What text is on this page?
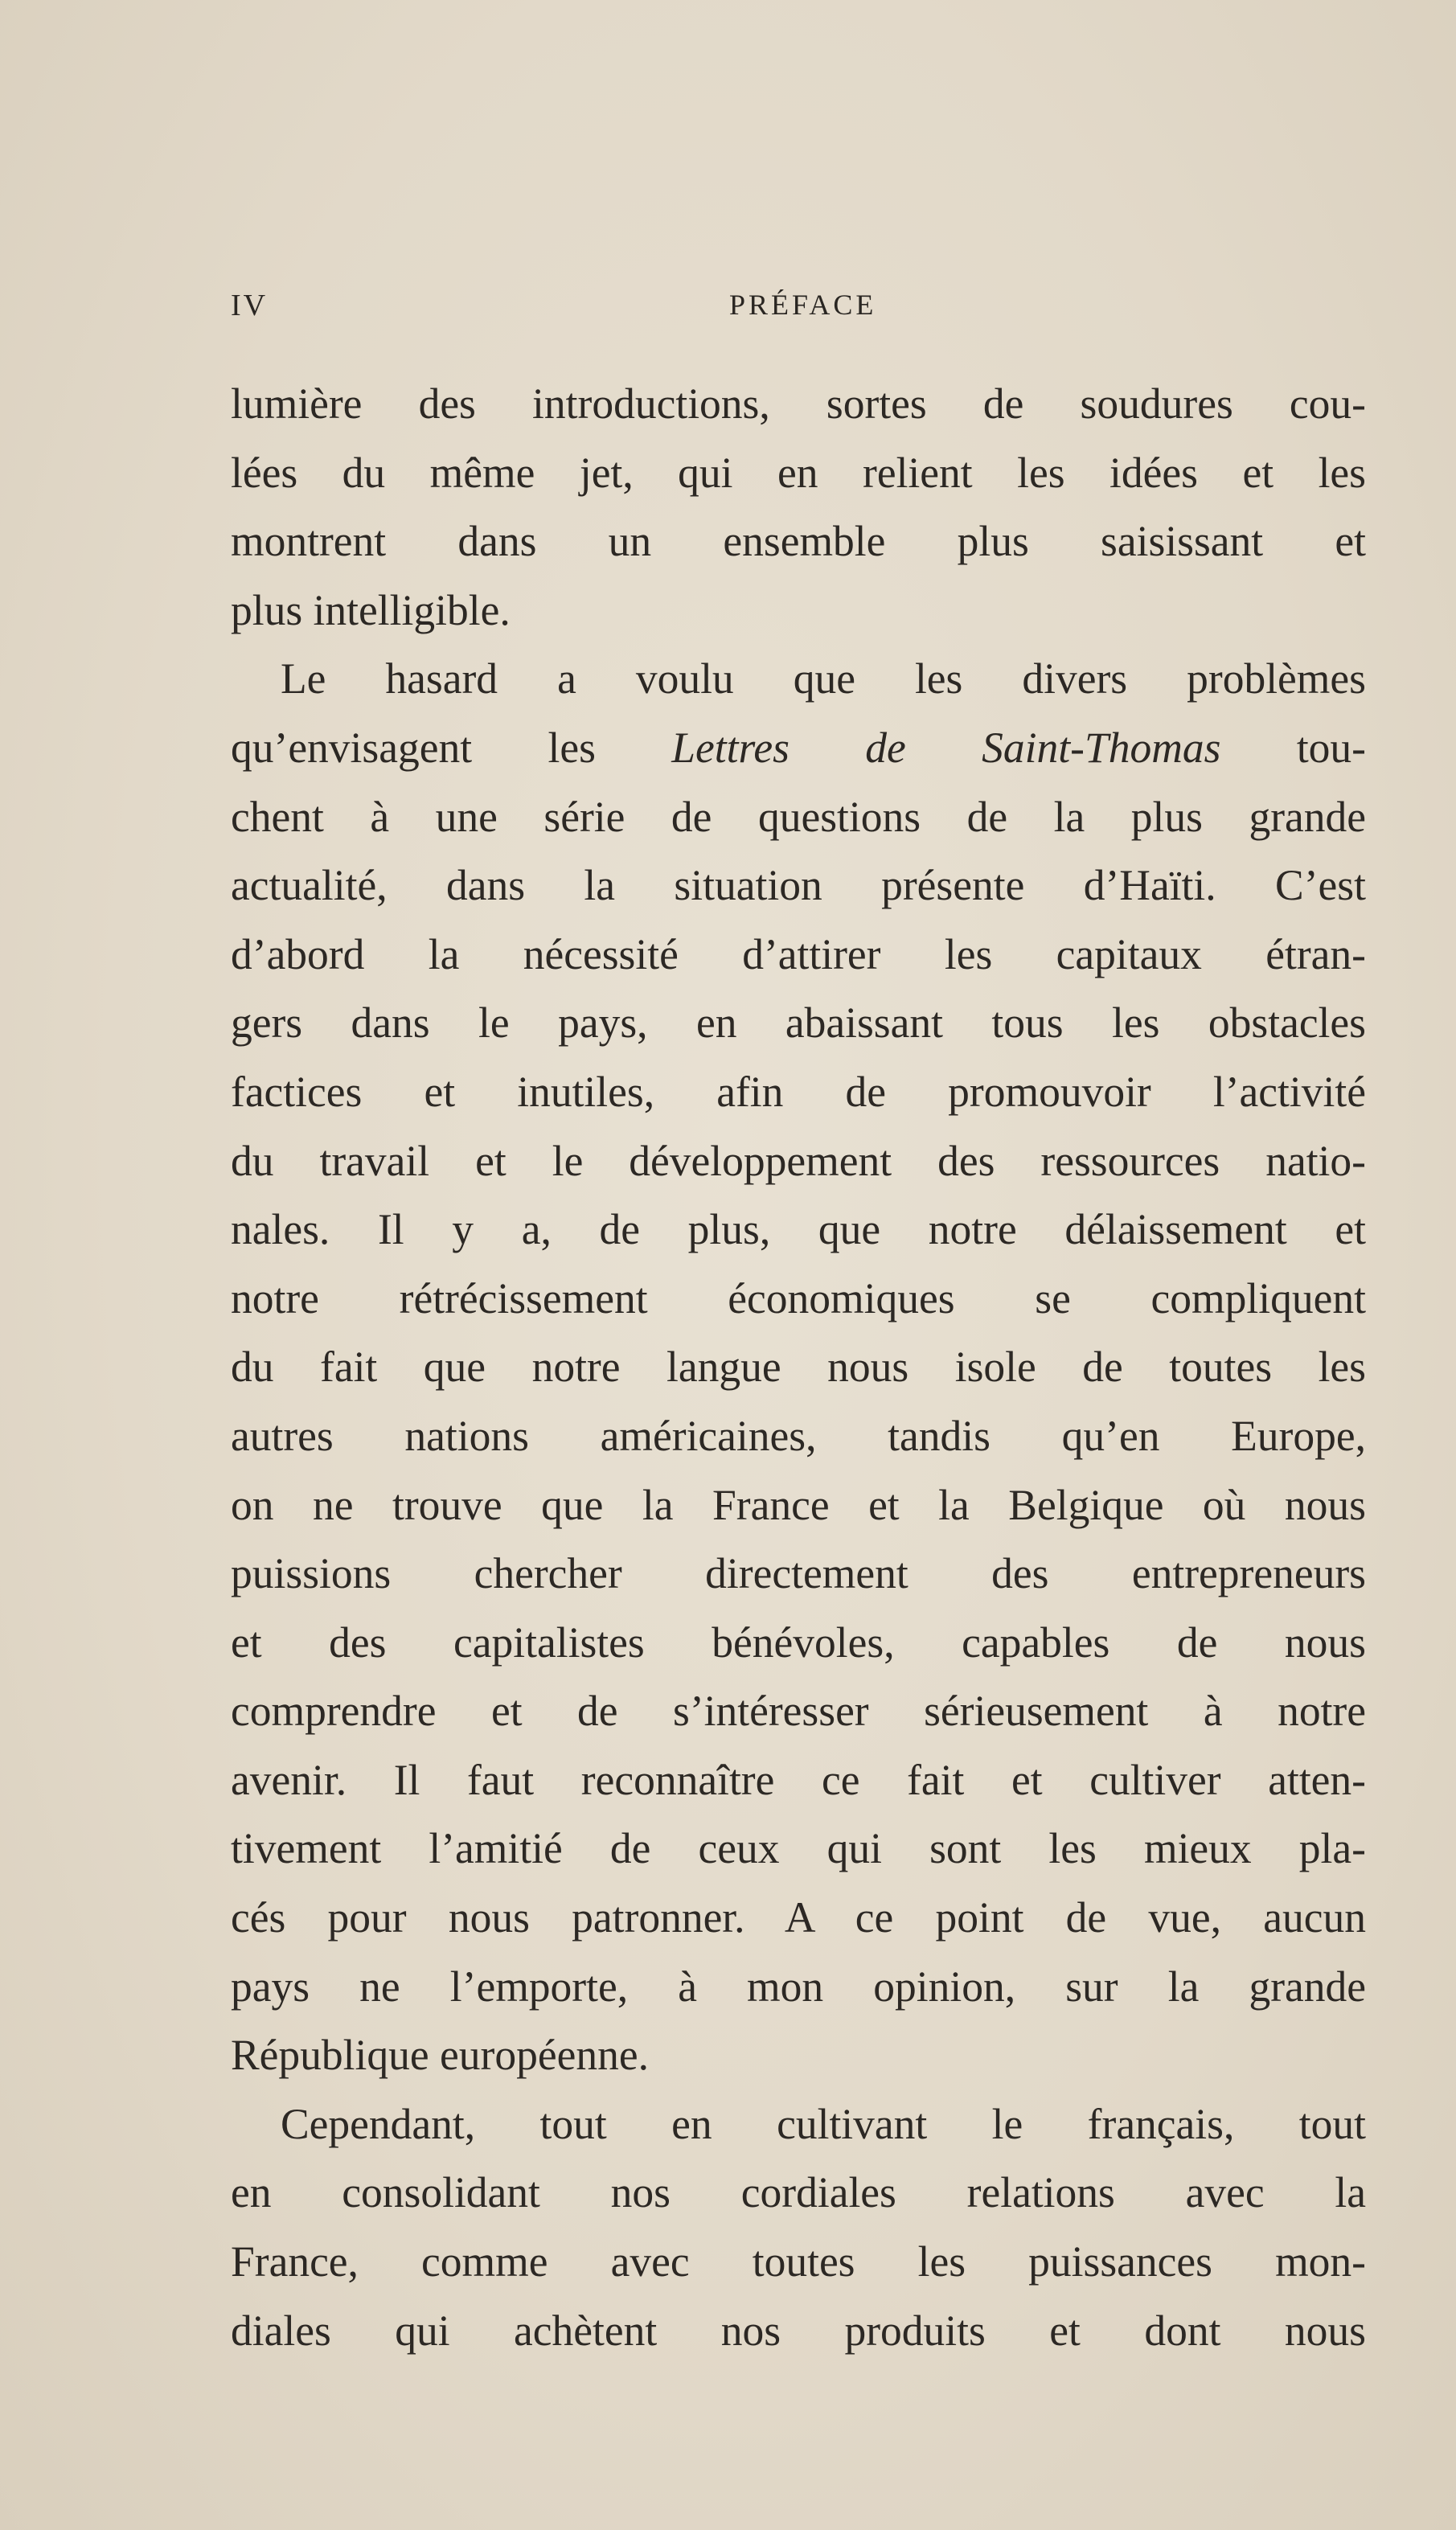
IV	PRÉFACE
lumière des introductions, sortes de soudures cou-
lées du même jet, qui en relient les idées et les
montrent dans un ensemble plus saisissant et
plus intelligible.
Le hasard a voulu que les divers problèmes
qu’envisagent les Lettres de Saint-Thomas tou-
chent à une série de questions de la plus grande
actualité, dans la situation présente d’Haïti. C’est
d’abord la nécessité d’attirer les capitaux étran-
gers dans le pays, en abaissant tous les obstacles
factices et inutiles, afin de promouvoir l’activité
du travail et le développement des ressources natio-
nales. Il y a, de plus, que notre délaissement et
notre rétrécissement économiques se compliquent
du fait que notre langue nous isole de toutes les
autres nations américaines, tandis qu’en Europe,
on ne trouve que la France et la Belgique où nous
puissions chercher directement des entrepreneurs
et des capitalistes bénévoles, capables de nous
comprendre et de s’intéresser sérieusement à notre
avenir. Il faut reconnaître ce fait et cultiver atten-
tivement l’amitié de ceux qui sont les mieux pla-
cés pour nous patronner. A ce point de vue, aucun
pays ne l’emporte, à mon opinion, sur la grande
République européenne.
Cependant, tout en cultivant le français, tout
en consolidant nos cordiales relations avec la
France, comme avec toutes les puissances mon-
diales qui achètent nos produits et dont nous
